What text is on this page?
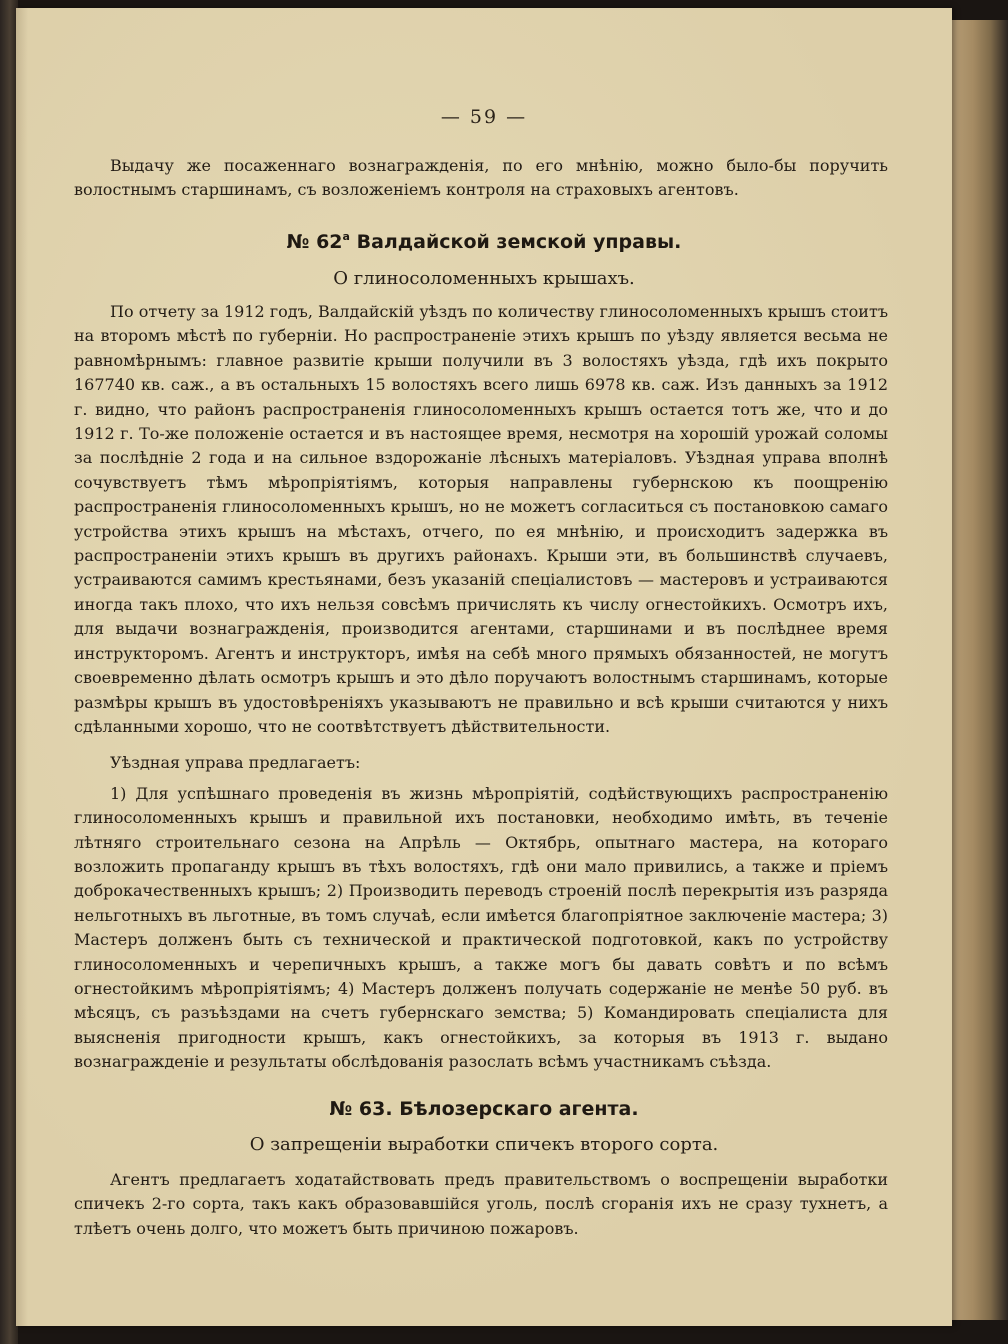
— 59 —

Выдачу же посаженнаго вознагражденія, по его мнѣнію, можно было-бы поручить волостнымъ старшинамъ, съ возложеніемъ контроля на страховыхъ агентовъ.

№ $62^а$ Валдайской земской управы.
О глиносоломенныхъ крышахъ.

По отчету за 1912 годъ, Валдайскій уѣздъ по количеству глиносоломенныхъ крышъ стоитъ на второмъ мѣстѣ по губерніи. Но распространеніе этихъ крышъ по уѣзду является весьма не равномѣрнымъ: главное развитіе крыши получили въ 3 волостяхъ уѣзда, гдѣ ихъ покрыто 167740 кв. саж., а въ остальныхъ 15 волостяхъ всего лишь 6978 кв. саж. Изъ данныхъ за 1912 г. видно, что районъ распространенія глиносоломенныхъ крышъ остается тотъ же, что и до 1912 г. То-же положеніе остается и въ настоящее время, несмотря на хорошій урожай соломы за послѣдніе 2 года и на сильное вздорожаніе лѣсныхъ матеріаловъ. Уѣздная управа вполнѣ сочувствуетъ тѣмъ мѣропріятіямъ, которыя направлены губернскою къ поощренію распространенія глиносоломенныхъ крышъ, но не можетъ согласиться съ постановкою самаго устройства этихъ крышъ на мѣстахъ, отчего, по ея мнѣнію, и происходитъ задержка въ распространеніи этихъ крышъ въ другихъ районахъ. Крыши эти, въ большинствѣ случаевъ, устраиваются самимъ крестьянами, безъ указаній спеціалистовъ — мастеровъ и устраиваются иногда такъ плохо, что ихъ нельзя совсѣмъ причислять къ числу огнестойкихъ. Осмотръ ихъ, для выдачи вознагражденія, производится агентами, старшинами и въ послѣднее время инструкторомъ. Агентъ и инструкторъ, имѣя на себѣ много прямыхъ обязанностей, не могутъ своевременно дѣлать осмотръ крышъ и это дѣло поручаютъ волостнымъ старшинамъ, которые размѣры крышъ въ удостовѣреніяхъ указываютъ не правильно и всѣ крыши считаются у нихъ сдѣланными хорошо, что не соотвѣтствуетъ дѣйствительности.

Уѣздная управа предлагаетъ:

1) Для успѣшнаго проведенія въ жизнь мѣропріятій, содѣйствующихъ распространенію глиносоломенныхъ крышъ и правильной ихъ постановки, необходимо имѣть, въ теченіе лѣтняго строительнаго сезона на Апрѣль — Октябрь, опытнаго мастера, на котораго возложить пропаганду крышъ въ тѣхъ волостяхъ, гдѣ они мало привились, а также и пріемъ доброкачественныхъ крышъ; 2) Производить переводъ строеній послѣ перекрытія изъ разряда нельготныхъ въ льготные, въ томъ случаѣ, если имѣется благопріятное заключеніе мастера; 3) Мастеръ долженъ быть съ технической и практической подготовкой, какъ по устройству глиносоломенныхъ и черепичныхъ крышъ, а также могъ бы давать совѣтъ и по всѣмъ огнестойкимъ мѣропріятіямъ; 4) Мастеръ долженъ получать содержаніе не менѣе 50 руб. въ мѣсяцъ, съ разъѣздами на счетъ губернскаго земства; 5) Командировать спеціалиста для выясненія пригодности крышъ, какъ огнестойкихъ, за которыя въ 1913 г. выдано вознагражденіе и результаты обслѣдованія разослать всѣмъ участникамъ съѣзда.

№ 63. Бѣлозерскаго агента.
О запрещеніи выработки спичекъ второго сорта.

Агентъ предлагаетъ ходатайствовать предъ правительствомъ о воспрещеніи выработки спичекъ 2-го сорта, такъ какъ образовавшійся уголь, послѣ сгоранія ихъ не сразу тухнетъ, а тлѣетъ очень долго, что можетъ быть причиною пожаровъ.
